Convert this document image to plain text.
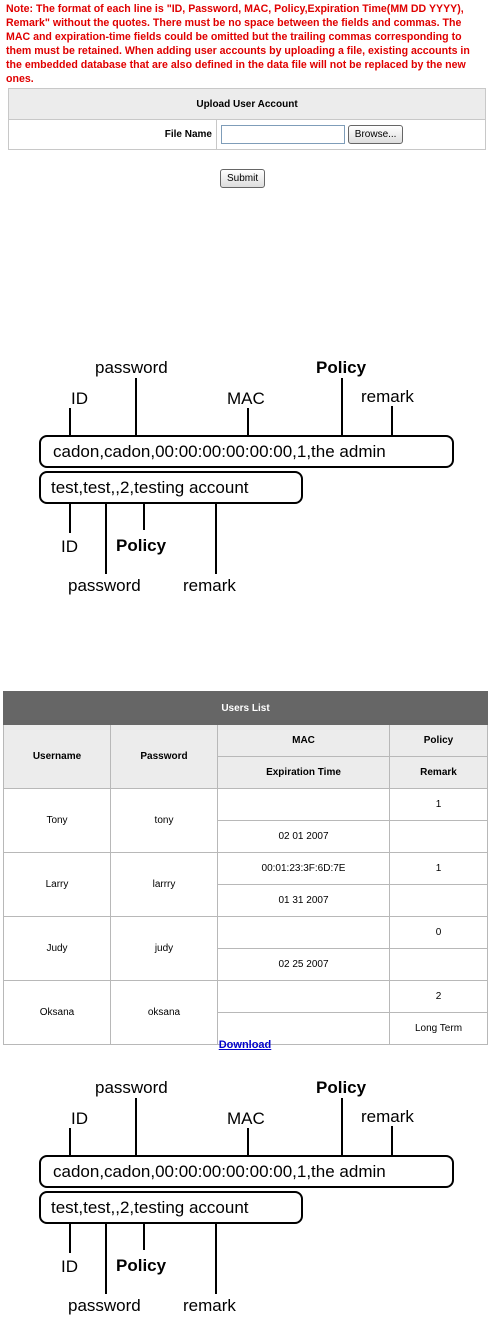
Note: The format of each line is "ID, Password, MAC, Policy,Expiration Time(MM DD YYYY), Remark" without the quotes. There must be no space between the fields and commas. The MAC and expiration-time fields could be omitted but the trailing commas corresponding to them must be retained. When adding user accounts by uploading a file, existing accounts in the embedded database that are also defined in the data file will not be replaced by the new ones.
Upload User Account
File Name	Browse...
Submit
password	Policy
ID	MAC	remark
cadon,cadon,00:00:00:00:00:00,1,the admin
test,test,,2,testing account
ID Policy
password remark
Users List			
Username	Password	MAC	Policy
		Expiration Time	Remark
Tony	tony		1
		02 01 2007	
Larry	larrry	00:01:23:3F:6D:7E	1
		01 31 2007	
Judy	judy		0
		02 25 2007	
Oksana	oksana		2
			Long Term
Download
password	Policy
ID	MAC	remark
cadon,cadon,00:00:00:00:00:00,1,the admin
test,test,,2,testing account
ID Policy
password remark
